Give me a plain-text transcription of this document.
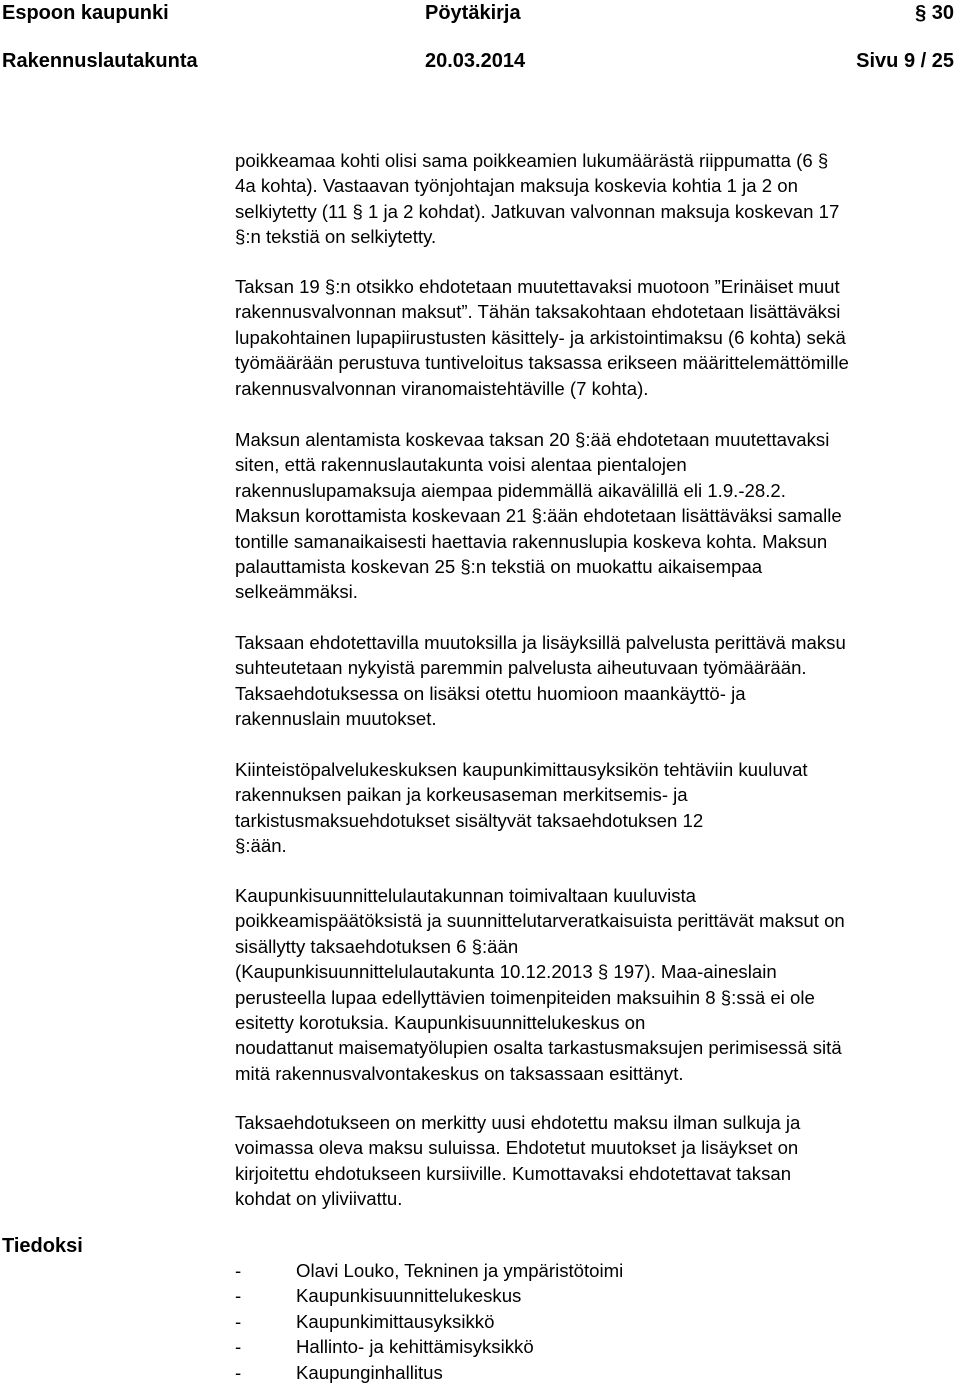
Espoon kaupunki	Pöytäkirja	§ 30
Rakennuslautakunta	20.03.2014	Sivu 9 / 25
poikkeamaa kohti olisi sama poikkeamien lukumäärästä riippumatta (6 §
4a kohta). Vastaavan työnjohtajan maksuja koskevia kohtia 1 ja 2 on
selkiytetty (11 § 1 ja 2 kohdat). Jatkuvan valvonnan maksuja koskevan 17
§:n tekstiä on selkiytetty.
Taksan 19 §:n otsikko ehdotetaan muutettavaksi muotoon ”Erinäiset muut
rakennusvalvonnan maksut”. Tähän taksakohtaan ehdotetaan lisättäväksi
lupakohtainen lupapiirustusten käsittely- ja arkistointimaksu (6 kohta) sekä
työmäärään perustuva tuntiveloitus taksassa erikseen määrittelemättömille
rakennusvalvonnan viranomaistehtäville (7 kohta).
Maksun alentamista koskevaa taksan 20 §:ää ehdotetaan muutettavaksi
siten, että rakennuslautakunta voisi alentaa pientalojen
rakennuslupamaksuja aiempaa pidemmällä aikavälillä eli 1.9.-28.2.
Maksun korottamista koskevaan 21 §:ään ehdotetaan lisättäväksi samalle
tontille samanaikaisesti haettavia rakennuslupia koskeva kohta. Maksun
palauttamista koskevan 25 §:n tekstiä on muokattu aikaisempaa
selkeämmäksi.
Taksaan ehdotettavilla muutoksilla ja lisäyksillä palvelusta perittävä maksu
suhteutetaan nykyistä paremmin palvelusta aiheutuvaan työmäärään.
Taksaehdotuksessa on lisäksi otettu huomioon maankäyttö- ja
rakennuslain muutokset.
Kiinteistöpalvelukeskuksen kaupunkimittausyksikön tehtäviin kuuluvat
rakennuksen paikan ja korkeusaseman merkitsemis- ja
tarkistusmaksuehdotukset sisältyvät taksaehdotuksen 12
§:ään.
Kaupunkisuunnittelulautakunnan toimivaltaan kuuluvista
poikkeamispäätöksistä ja suunnittelutarveratkaisuista perittävät maksut on
sisällytty taksaehdotuksen 6 §:ään
(Kaupunkisuunnittelulautakunta 10.12.2013 § 197). Maa-aineslain
perusteella lupaa edellyttävien toimenpiteiden maksuihin 8 §:ssä ei ole
esitetty korotuksia. Kaupunkisuunnittelukeskus on
noudattanut maisematyölupien osalta tarkastusmaksujen perimisessä sitä
mitä rakennusvalvontakeskus on taksassaan esittänyt.
Taksaehdotukseen on merkitty uusi ehdotettu maksu ilman sulkuja ja
voimassa oleva maksu suluissa. Ehdotetut muutokset ja lisäykset on
kirjoitettu ehdotukseen kursiiville. Kumottavaksi ehdotettavat taksan
kohdat on yliviivattu.
Tiedoksi
-	Olavi Louko, Tekninen ja ympäristötoimi
-	Kaupunkisuunnittelukeskus
-	Kaupunkimittausyksikkö
-	Hallinto- ja kehittämisyksikkö
-	Kaupunginhallitus
